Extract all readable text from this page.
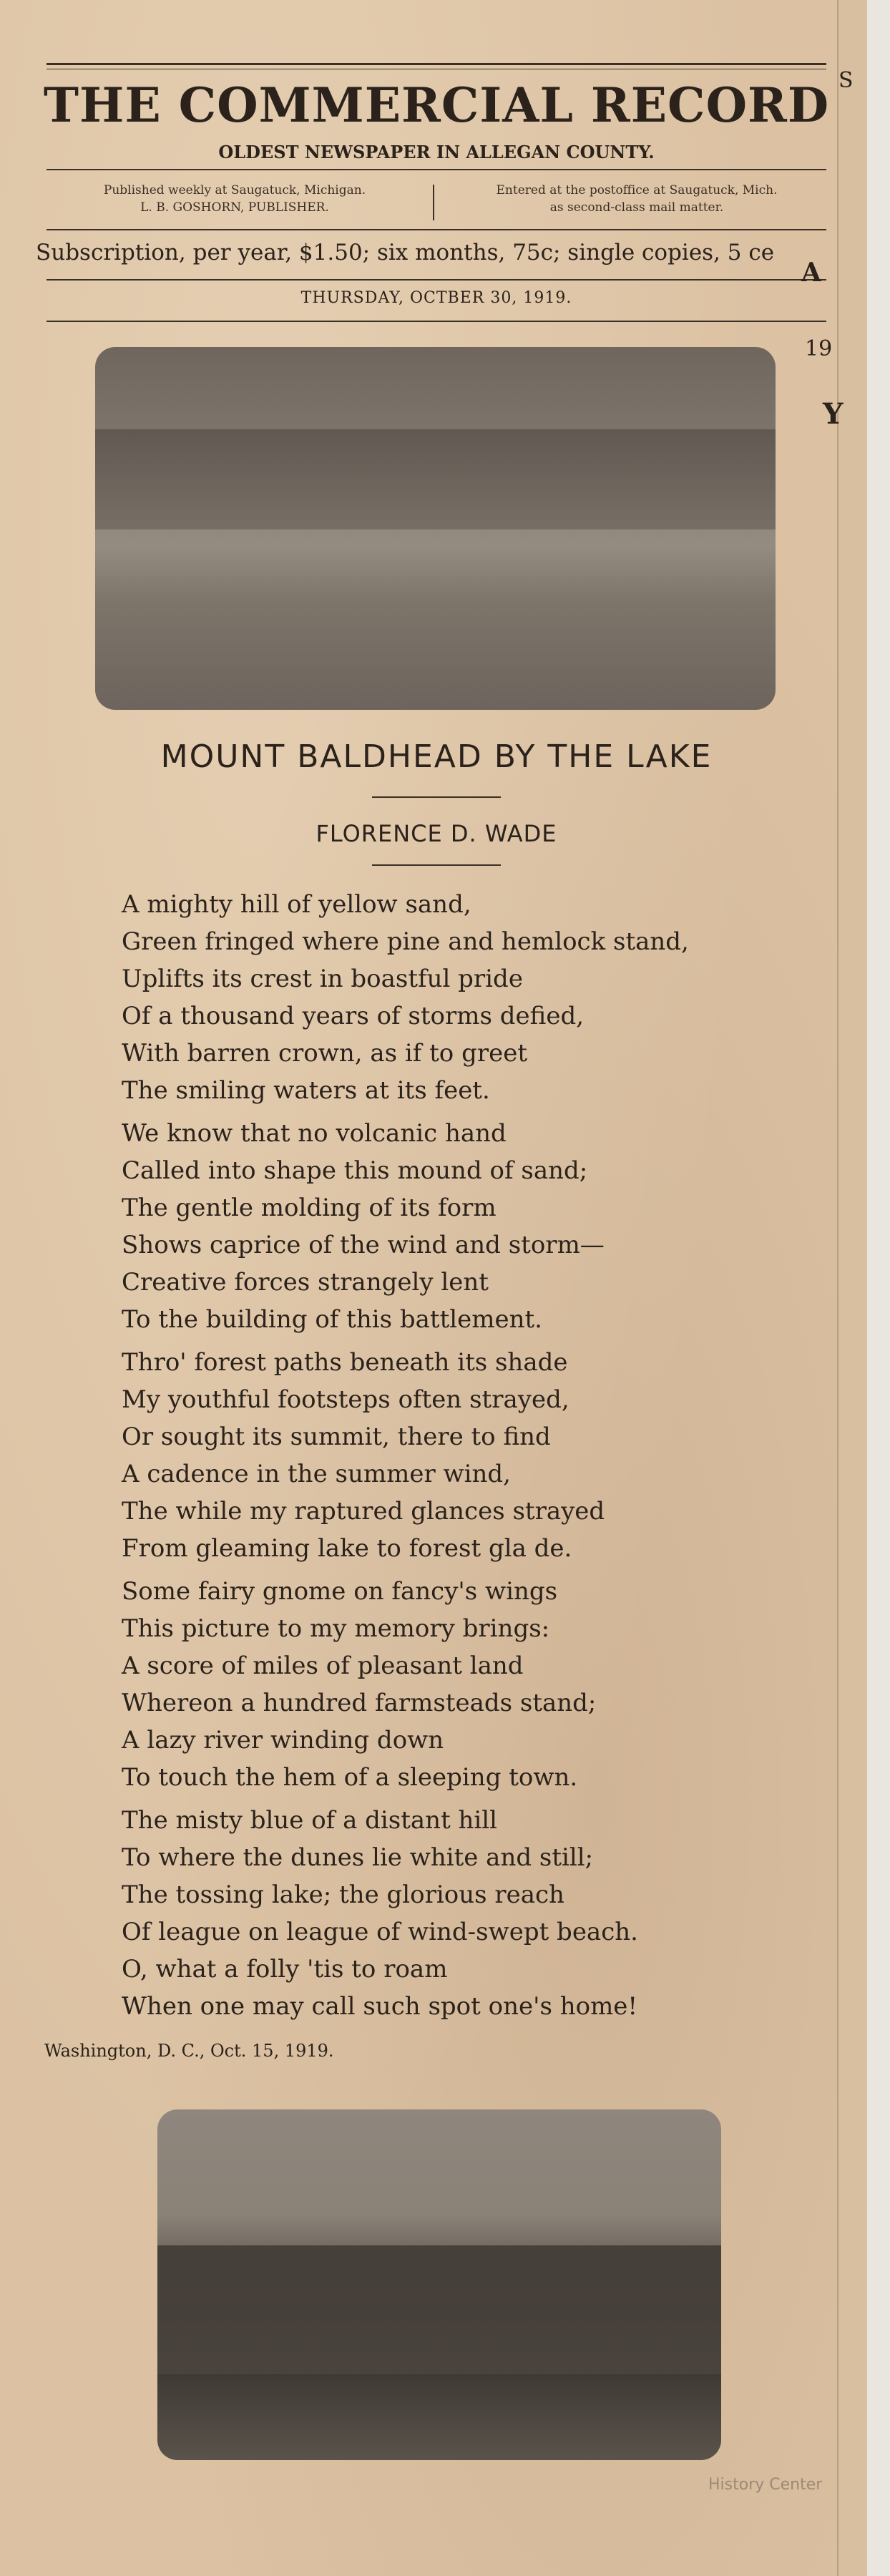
THE COMMERCIAL RECORD
OLDEST NEWSPAPER IN ALLEGAN COUNTY.
Published weekly at Saugatuck, Michigan.
L. B. GOSHORN, PUBLISHER.
Entered at the postoffice at Saugatuck, Mich.
as second-class mail matter.
Subscription, per year, $1.50; six months, 75c; single copies, 5 ce
THURSDAY, OCTBER 30, 1919.
MOUNT BALDHEAD BY THE LAKE
FLORENCE D. WADE
A mighty hill of yellow sand,
Green fringed where pine and hemlock stand,
Uplifts its crest in boastful pride
Of a thousand years of storms defied,
With barren crown, as if to greet
The smiling waters at its feet.
We know that no volcanic hand
Called into shape this mound of sand;
The gentle molding of its form
Shows caprice of the wind and storm—
Creative forces strangely lent
To the building of this battlement.
Thro' forest paths beneath its shade
My youthful footsteps often strayed,
Or sought its summit, there to find
A cadence in the summer wind,
The while my raptured glances strayed
From gleaming lake to forest gla de.
Some fairy gnome on fancy's wings
This picture to my memory brings:
A score of miles of pleasant land
Whereon a hundred farmsteads stand;
A lazy river winding down
To touch the hem of a sleeping town.
The misty blue of a distant hill
To where the dunes lie white and still;
The tossing lake; the glorious reach
Of league on league of wind-swept beach.
O, what a folly 'tis to roam
When one may call such spot one's home!
Washington, D. C., Oct. 15, 1919.
S
19
A
Y
History Center
